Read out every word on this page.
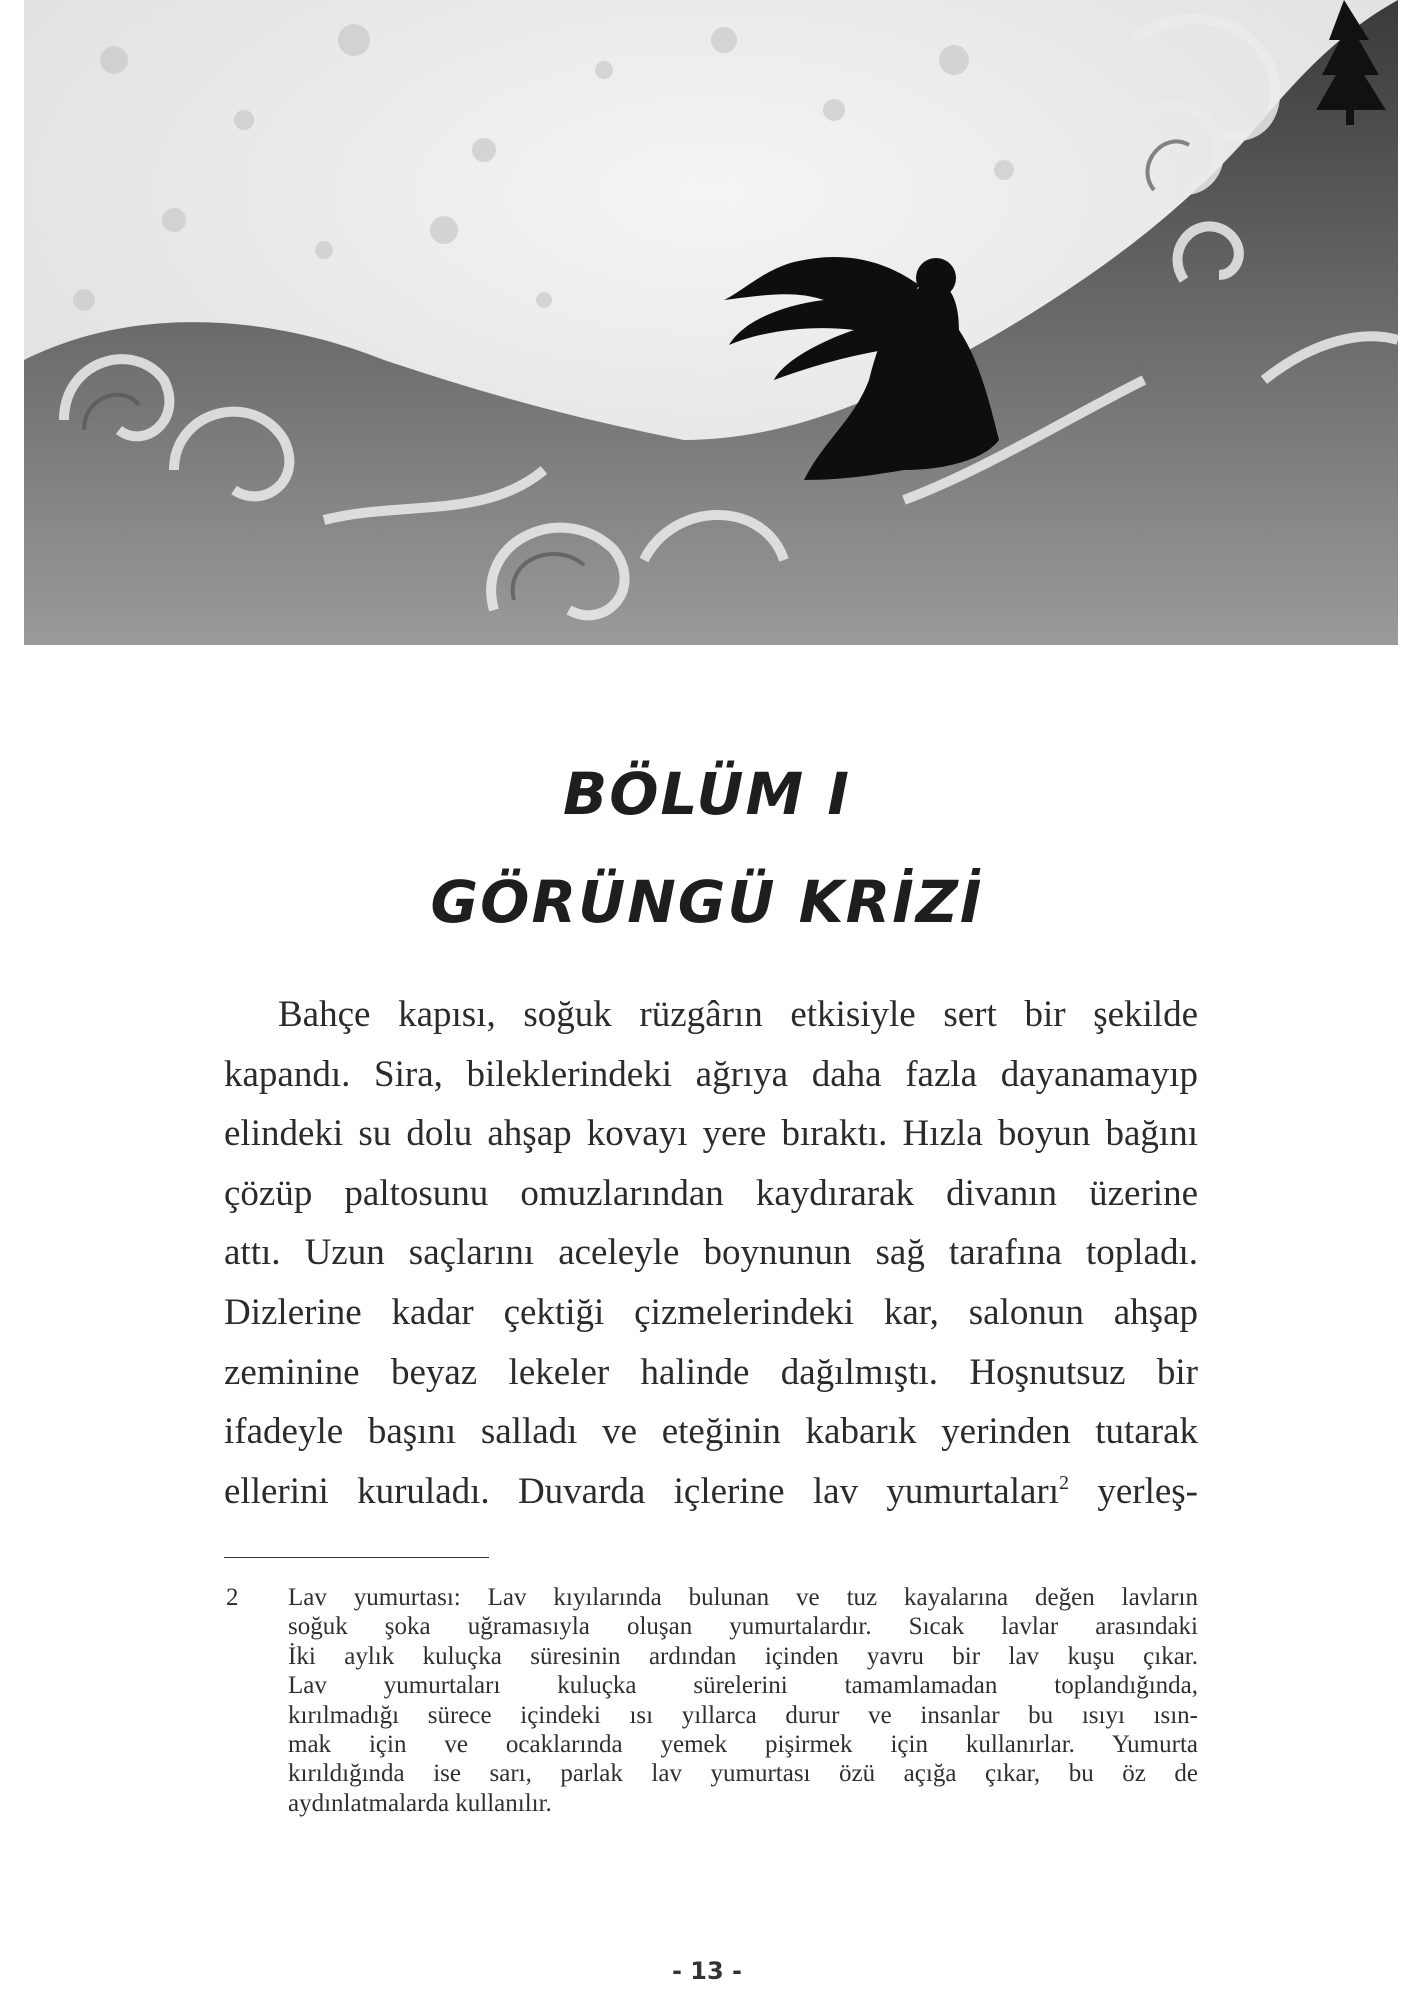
BÖLÜM I
GÖRÜNGÜ KRİZİ
Bahçe kapısı, soğuk rüzgârın etkisiyle sert bir şekilde
kapandı. Sira, bileklerindeki ağrıya daha fazla dayanamayıp
elindeki su dolu ahşap kovayı yere bıraktı. Hızla boyun bağını
çözüp paltosunu omuzlarından kaydırarak divanın üzerine
attı. Uzun saçlarını aceleyle boynunun sağ tarafına topladı.
Dizlerine kadar çektiği çizmelerindeki kar, salonun ahşap
zeminine beyaz lekeler halinde dağılmıştı. Hoşnutsuz bir
ifadeyle başını salladı ve eteğinin kabarık yerinden tutarak
ellerini kuruladı. Duvarda içlerine lav yumurtaları$^2$ yerleş-
2 Lav yumurtası: Lav kıyılarında bulunan ve tuz kayalarına değen lavların
soğuk şoka uğramasıyla oluşan yumurtalardır. Sıcak lavlar arasındaki
İki aylık kuluçka süresinin ardından içinden yavru bir lav kuşu çıkar.
Lav yumurtaları kuluçka sürelerini tamamlamadan toplandığında,
kırılmadığı sürece içindeki ısı yıllarca durur ve insanlar bu ısıyı ısın-
mak için ve ocaklarında yemek pişirmek için kullanırlar. Yumurta
kırıldığında ise sarı, parlak lav yumurtası özü açığa çıkar, bu öz de
aydınlatmalarda kullanılır.
- 13 -
